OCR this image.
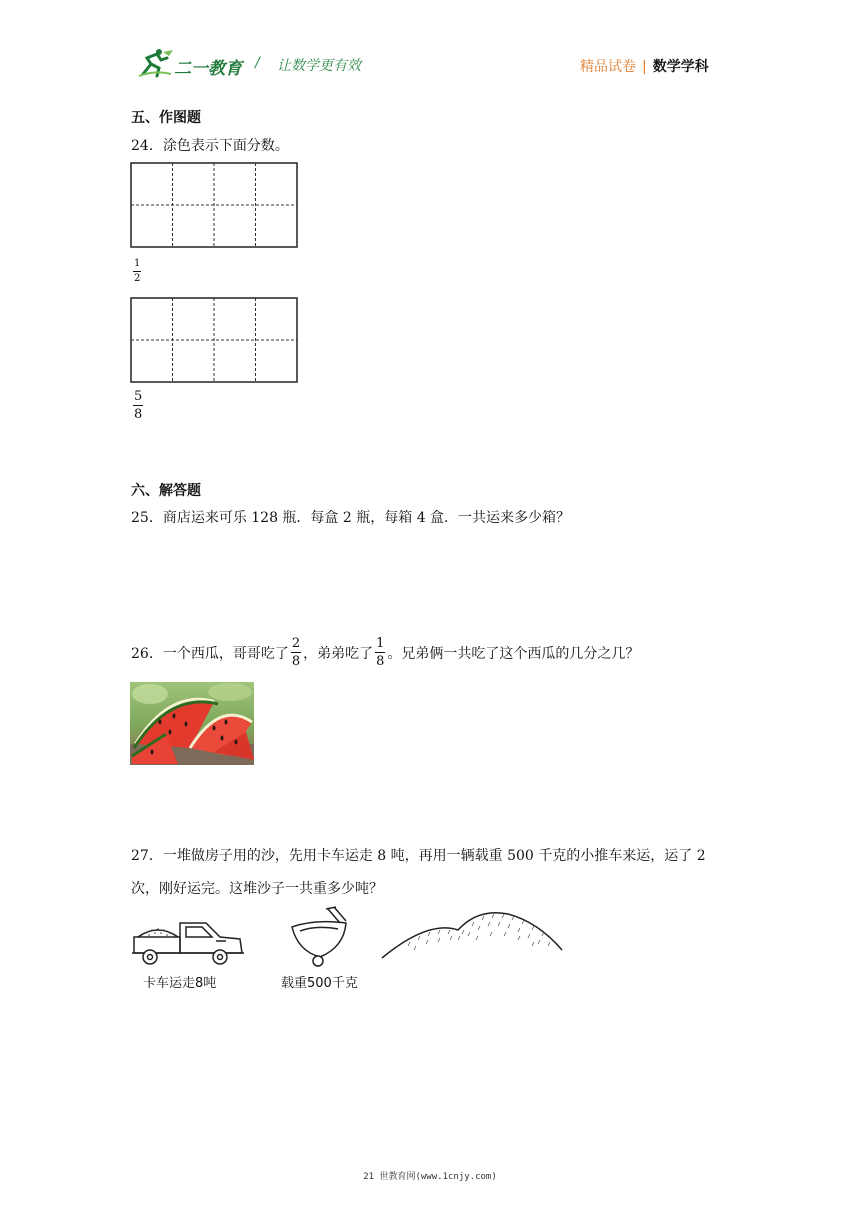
二一教育 / 让数学更有效	精品试卷 | 数学学科
五、作图题
24．涂色表示下面分数。
$\frac{1}{2}$
$\frac{5}{8}$
六、解答题
25．商店运来可乐 128 瓶．每盒 2 瓶，每箱 4 盒．一共运来多少箱？
26．一个西瓜，哥哥吃了 $\frac{2}{8}$ ，弟弟吃了 $\frac{1}{8}$ 。兄弟俩一共吃了这个西瓜的几分之几？
27．一堆做房子用的沙，先用卡车运走 8 吨，再用一辆载重 500 千克的小推车来运，运了 2
次，刚好运完。这堆沙子一共重多少吨？
卡车运走8吨	载重500千克
21 世教育网(www.1cnjy.com)
